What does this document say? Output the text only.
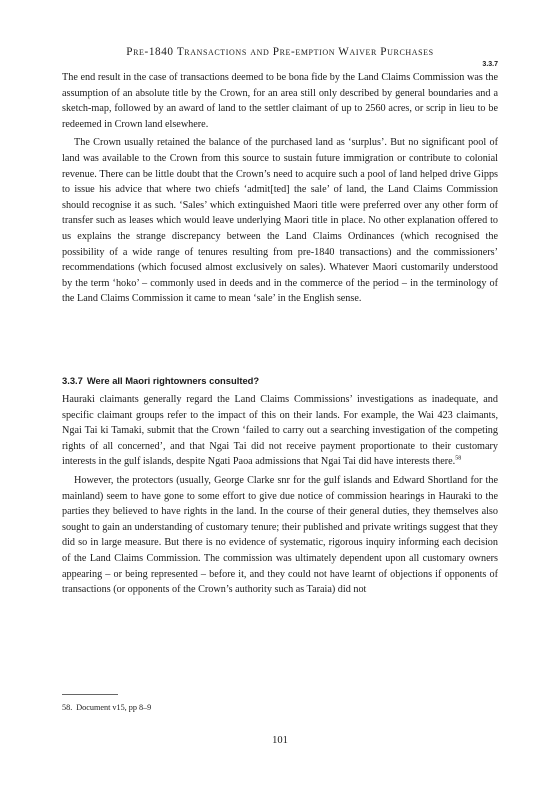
Pre-1840 Transactions and Pre-emption Waiver Purchases
3.3.7

The end result in the case of transactions deemed to be bona fide by the Land Claims Commission was the assumption of an absolute title by the Crown, for an area still only described by general boundaries and a sketch-map, followed by an award of land to the settler claimant of up to 2560 acres, or scrip in lieu to be redeemed in Crown land elsewhere.

The Crown usually retained the balance of the purchased land as ‘surplus’. But no significant pool of land was available to the Crown from this source to sustain future immigration or contribute to colonial revenue. There can be little doubt that the Crown’s need to acquire such a pool of land helped drive Gipps to issue his advice that where two chiefs ‘admit[ted] the sale’ of land, the Land Claims Commission should recognise it as such. ‘Sales’ which extinguished Maori title were preferred over any other form of transfer such as leases which would leave underlying Maori title in place. No other explanation offered to us explains the strange discrepancy between the Land Claims Ordinances (which recognised the possibility of a wide range of tenures resulting from pre-1840 transactions) and the commissioners’ recommendations (which focused almost exclusively on sales). Whatever Maori customarily understood by the term ‘hoko’ – commonly used in deeds and in the commerce of the period – in the terminology of the Land Claims Commission it came to mean ‘sale’ in the English sense.

3.3.7 Were all Maori rightowners consulted?

Hauraki claimants generally regard the Land Claims Commissions’ investigations as inadequate, and specific claimant groups refer to the impact of this on their lands. For example, the Wai 423 claimants, Ngai Tai ki Tamaki, submit that the Crown ‘failed to carry out a searching investigation of the competing rights of all concerned’, and that Ngai Tai did not receive payment proportionate to their customary interests in the gulf islands, despite Ngati Paoa admissions that Ngai Tai did have interests there.$^{58}$

However, the protectors (usually, George Clarke snr for the gulf islands and Edward Shortland for the mainland) seem to have gone to some effort to give due notice of commission hearings in Hauraki to the parties they believed to have rights in the land. In the course of their general duties, they themselves also sought to gain an understanding of customary tenure; their published and private writings suggest that they did so in large measure. But there is no evidence of systematic, rigorous inquiry informing each decision of the Land Claims Commission. The commission was ultimately dependent upon all customary owners appearing – or being represented – before it, and they could not have learnt of objections if opponents of transactions (or opponents of the Crown’s authority such as Taraia) did not

58. Document v15, pp 8–9
101
